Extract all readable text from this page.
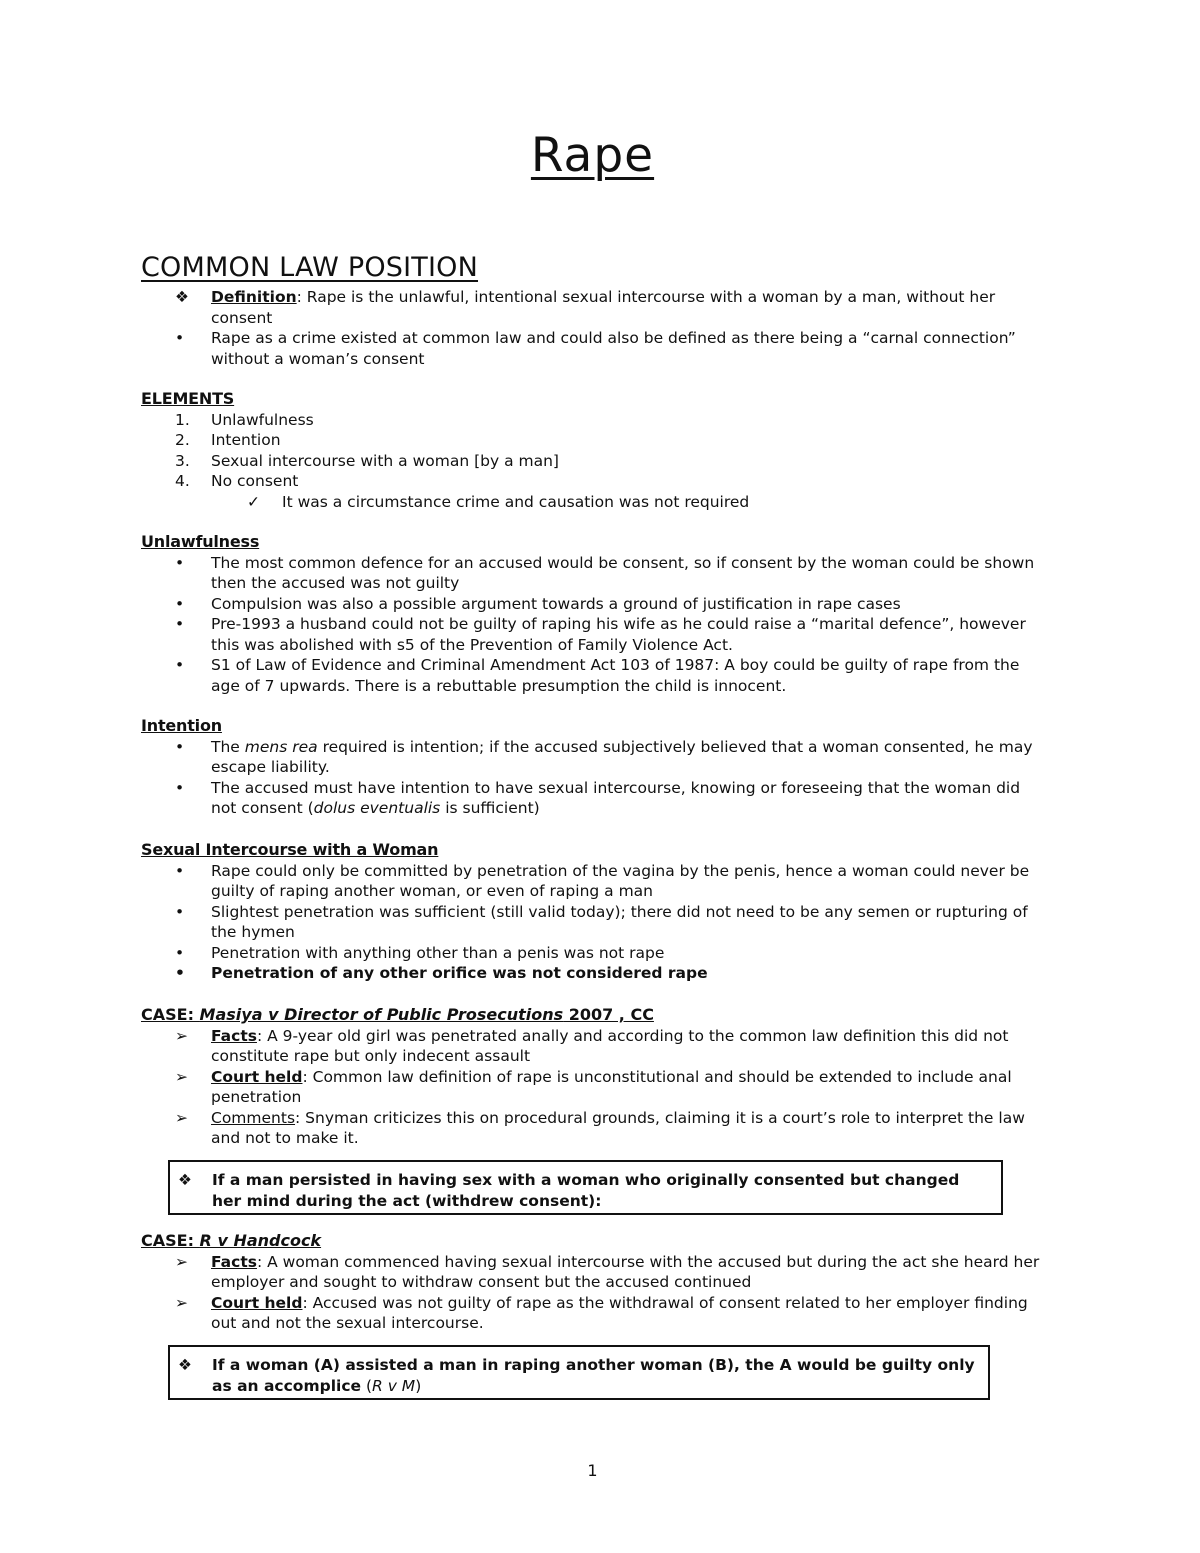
Rape
COMMON LAW POSITION
❖	Definition: Rape is the unlawful, intentional sexual intercourse with a woman by a man, without her consent
•	Rape as a crime existed at common law and could also be defined as there being a “carnal connection” without a woman’s consent
ELEMENTS
1.	Unlawfulness
2.	Intention
3.	Sexual intercourse with a woman [by a man]
4.	No consent
✓	It was a circumstance crime and causation was not required
Unlawfulness
•	The most common defence for an accused would be consent, so if consent by the woman could be shown then the accused was not guilty
•	Compulsion was also a possible argument towards a ground of justification in rape cases
•	Pre-1993 a husband could not be guilty of raping his wife as he could raise a “marital defence”, however this was abolished with s5 of the Prevention of Family Violence Act.
•	S1 of Law of Evidence and Criminal Amendment Act 103 of 1987: A boy could be guilty of rape from the age of 7 upwards. There is a rebuttable presumption the child is innocent.
Intention
•	The mens rea required is intention; if the accused subjectively believed that a woman consented, he may escape liability.
•	The accused must have intention to have sexual intercourse, knowing or foreseeing that the woman did not consent (dolus eventualis is sufficient)
Sexual Intercourse with a Woman
•	Rape could only be committed by penetration of the vagina by the penis, hence a woman could never be guilty of raping another woman, or even of raping a man
•	Slightest penetration was sufficient (still valid today); there did not need to be any semen or rupturing of the hymen
•	Penetration with anything other than a penis was not rape
•	Penetration of any other orifice was not considered rape
CASE: Masiya v Director of Public Prosecutions 2007 , CC
➢	Facts: A 9-year old girl was penetrated anally and according to the common law definition this did not constitute rape but only indecent assault
➢	Court held: Common law definition of rape is unconstitutional and should be extended to include anal penetration
➢	Comments: Snyman criticizes this on procedural grounds, claiming it is a court’s role to interpret the law and not to make it.
❖	If a man persisted in having sex with a woman who originally consented but changed her mind during the act (withdrew consent):
CASE: R v Handcock
➢	Facts: A woman commenced having sexual intercourse with the accused but during the act she heard her employer and sought to withdraw consent but the accused continued
➢	Court held: Accused was not guilty of rape as the withdrawal of consent related to her employer finding out and not the sexual intercourse.
❖	If a woman (A) assisted a man in raping another woman (B), the A would be guilty only as an accomplice (R v M)
1
